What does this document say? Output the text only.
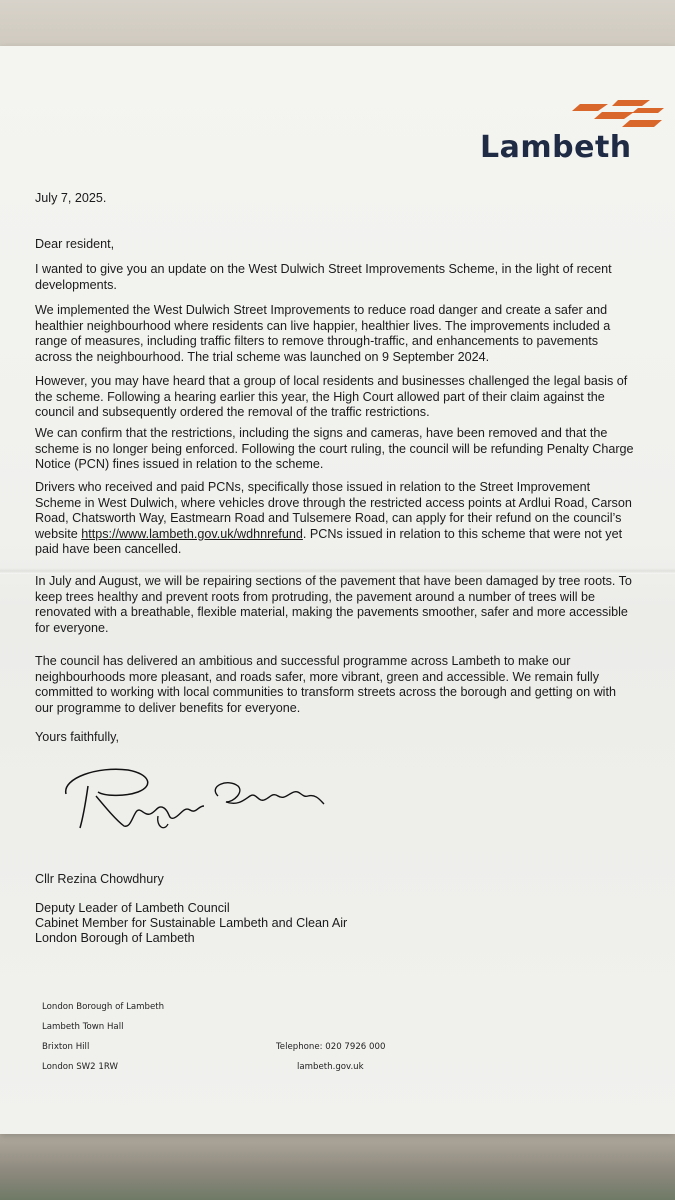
Lambeth

July 7, 2025.

Dear resident,

I wanted to give you an update on the West Dulwich Street Improvements Scheme, in the light of recent developments.

We implemented the West Dulwich Street Improvements to reduce road danger and create a safer and healthier neighbourhood where residents can live happier, healthier lives. The improvements included a range of measures, including traffic filters to remove through-traffic, and enhancements to pavements across the neighbourhood. The trial scheme was launched on 9 September 2024.

However, you may have heard that a group of local residents and businesses challenged the legal basis of the scheme. Following a hearing earlier this year, the High Court allowed part of their claim against the council and subsequently ordered the removal of the traffic restrictions.

We can confirm that the restrictions, including the signs and cameras, have been removed and that the scheme is no longer being enforced. Following the court ruling, the council will be refunding Penalty Charge Notice (PCN) fines issued in relation to the scheme.

Drivers who received and paid PCNs, specifically those issued in relation to the Street Improvement Scheme in West Dulwich, where vehicles drove through the restricted access points at Ardlui Road, Carson Road, Chatsworth Way, Eastmearn Road and Tulsemere Road, can apply for their refund on the council’s website https://www.lambeth.gov.uk/wdhnrefund. PCNs issued in relation to this scheme that were not yet paid have been cancelled.

In July and August, we will be repairing sections of the pavement that have been damaged by tree roots. To keep trees healthy and prevent roots from protruding, the pavement around a number of trees will be renovated with a breathable, flexible material, making the pavements smoother, safer and more accessible for everyone.

The council has delivered an ambitious and successful programme across Lambeth to make our neighbourhoods more pleasant, and roads safer, more vibrant, green and accessible. We remain fully committed to working with local communities to transform streets across the borough and getting on with our programme to deliver benefits for everyone.

Yours faithfully,

Cllr Rezina Chowdhury

Deputy Leader of Lambeth Council

Cabinet Member for Sustainable Lambeth and Clean Air

London Borough of Lambeth

London Borough of Lambeth
Lambeth Town Hall
Brixton Hill
London SW2 1RW
Telephone: 020 7926 000
lambeth.gov.uk
